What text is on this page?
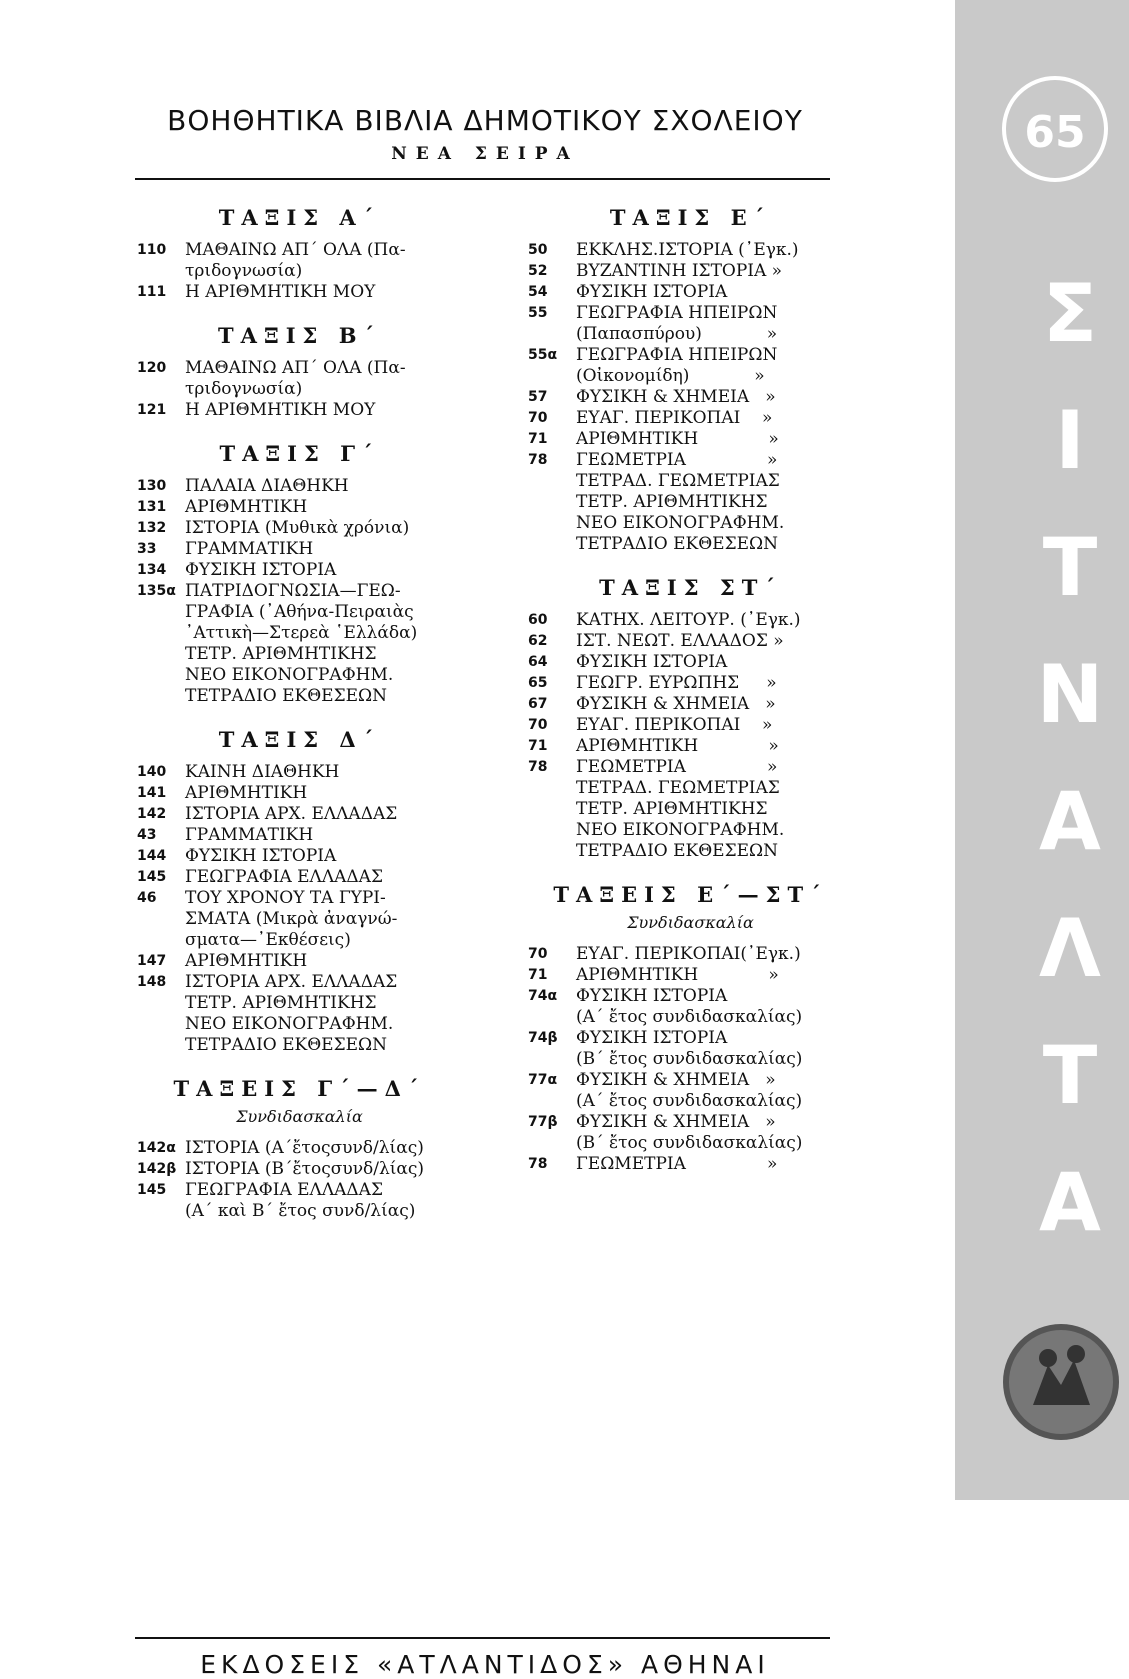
ΒΟΗΘΗΤΙΚΑ ΒΙΒΛΙΑ ΔΗΜΟΤΙΚΟΥ ΣΧΟΛΕΙΟΥ
ΝΕΑ ΣΕΙΡΑ
ΤΑΞΙΣ Α΄
110	ΜΑΘΑΙΝΩ ΑΠ΄ ΟΛΑ (Πα-
τριδογνωσία)
111	Η ΑΡΙΘΜΗΤΙΚΗ ΜΟΥ
ΤΑΞΙΣ Β΄
120	ΜΑΘΑΙΝΩ ΑΠ΄ ΟΛΑ (Πα-
τριδογνωσία)
121	Η ΑΡΙΘΜΗΤΙΚΗ ΜΟΥ
ΤΑΞΙΣ Γ΄
130	ΠΑΛΑΙΑ ΔΙΑΘΗΚΗ
131	ΑΡΙΘΜΗΤΙΚΗ
132	ΙΣΤΟΡΙΑ (Μυθικὰ χρόνια)
33	ΓΡΑΜΜΑΤΙΚΗ
134	ΦΥΣΙΚΗ ΙΣΤΟΡΙΑ
135α ΠΑΤΡΙΔΟΓΝΩΣΙΑ—ΓΕΩ-
ΓΡΑΦΙΑ (᾿Αθήνα-Πειραιὰς
᾿Αττικὴ—Στερεὰ ῾Ελλάδα)
ΤΕΤΡ. ΑΡΙΘΜΗΤΙΚΗΣ
ΝΕΟ ΕΙΚΟΝΟΓΡΑΦΗΜ.
ΤΕΤΡΑΔΙΟ ΕΚΘΕΣΕΩΝ
ΤΑΞΙΣ Δ΄
140	ΚΑΙΝΗ ΔΙΑΘΗΚΗ
141	ΑΡΙΘΜΗΤΙΚΗ
142	ΙΣΤΟΡΙΑ ΑΡΧ. ΕΛΛΑΔΑΣ
43	ΓΡΑΜΜΑΤΙΚΗ
144	ΦΥΣΙΚΗ ΙΣΤΟΡΙΑ
145	ΓΕΩΓΡΑΦΙΑ ΕΛΛΑΔΑΣ
46	ΤΟΥ ΧΡΟΝΟΥ ΤΑ ΓΥΡΙ-
ΣΜΑΤΑ (Μικρὰ ἀναγνώ-
σματα—᾿Εκθέσεις)
147	ΑΡΙΘΜΗΤΙΚΗ
148	ΙΣΤΟΡΙΑ ΑΡΧ. ΕΛΛΑΔΑΣ
ΤΕΤΡ. ΑΡΙΘΜΗΤΙΚΗΣ
ΝΕΟ ΕΙΚΟΝΟΓΡΑΦΗΜ.
ΤΕΤΡΑΔΙΟ ΕΚΘΕΣΕΩΝ
ΤΑΞΕΙΣ Γ΄—Δ΄
Συνδιδασκαλία
142α ΙΣΤΟΡΙΑ (Α΄ἔτοςσυνδ/λίας)
142β ΙΣΤΟΡΙΑ (Β΄ἔτοςσυνδ/λίας)
145	ΓΕΩΓΡΑΦΙΑ ΕΛΛΑΔΑΣ
(Α΄ καὶ Β΄ ἔτος συνδ/λίας)
ΤΑΞΙΣ Ε΄
50	ΕΚΚΛΗΣ.ΙΣΤΟΡΙΑ (᾿Εγκ.)
52	ΒΥΖΑΝΤΙΝΗ ΙΣΤΟΡΙΑ »
54	ΦΥΣΙΚΗ ΙΣΤΟΡΙΑ
55	ΓΕΩΓΡΑΦΙΑ ΗΠΕΙΡΩΝ
(Παπασπύρου)            »
55α	ΓΕΩΓΡΑΦΙΑ ΗΠΕΙΡΩΝ
(Οἰκονομίδη)            »
57	ΦΥΣΙΚΗ & ΧΗΜΕΙΑ   »
70	ΕΥΑΓ. ΠΕΡΙΚΟΠΑΙ    »
71	ΑΡΙΘΜΗΤΙΚΗ             »
78	ΓΕΩΜΕΤΡΙΑ               »
ΤΕΤΡΑΔ. ΓΕΩΜΕΤΡΙΑΣ
ΤΕΤΡ. ΑΡΙΘΜΗΤΙΚΗΣ
ΝΕΟ ΕΙΚΟΝΟΓΡΑΦΗΜ.
ΤΕΤΡΑΔΙΟ ΕΚΘΕΣΕΩΝ
ΤΑΞΙΣ ΣΤ΄
60	ΚΑΤΗΧ. ΛΕΙΤΟΥΡ. (᾿Εγκ.)
62	ΙΣΤ. ΝΕΩΤ. ΕΛΛΑΔΟΣ »
64	ΦΥΣΙΚΗ ΙΣΤΟΡΙΑ
65	ΓΕΩΓΡ. ΕΥΡΩΠΗΣ     »
67	ΦΥΣΙΚΗ & ΧΗΜΕΙΑ   »
70	ΕΥΑΓ. ΠΕΡΙΚΟΠΑΙ    »
71	ΑΡΙΘΜΗΤΙΚΗ             »
78	ΓΕΩΜΕΤΡΙΑ               »
ΤΕΤΡΑΔ. ΓΕΩΜΕΤΡΙΑΣ
ΤΕΤΡ. ΑΡΙΘΜΗΤΙΚΗΣ
ΝΕΟ ΕΙΚΟΝΟΓΡΑΦΗΜ.
ΤΕΤΡΑΔΙΟ ΕΚΘΕΣΕΩΝ
ΤΑΞΕΙΣ Ε΄—ΣΤ΄
Συνδιδασκαλία
70	ΕΥΑΓ. ΠΕΡΙΚΟΠΑΙ(᾿Εγκ.)
71	ΑΡΙΘΜΗΤΙΚΗ             »
74α	ΦΥΣΙΚΗ ΙΣΤΟΡΙΑ
(Α΄ ἔτος συνδιδασκαλίας)
74β	ΦΥΣΙΚΗ ΙΣΤΟΡΙΑ
(Β΄ ἔτος συνδιδασκαλίας)
77α	ΦΥΣΙΚΗ & ΧΗΜΕΙΑ   »
(Α΄ ἔτος συνδιδασκαλίας)
77β	ΦΥΣΙΚΗ & ΧΗΜΕΙΑ   »
(Β΄ ἔτος συνδιδασκαλίας)
78	ΓΕΩΜΕΤΡΙΑ               »
ΕΚΔΟΣΕΙΣ «ΑΤΛΑΝΤΙΔΟΣ» ΑΘΗΝΑΙ
65
Σ
Ι
Τ
Ν
Α
Λ
Τ
Α
